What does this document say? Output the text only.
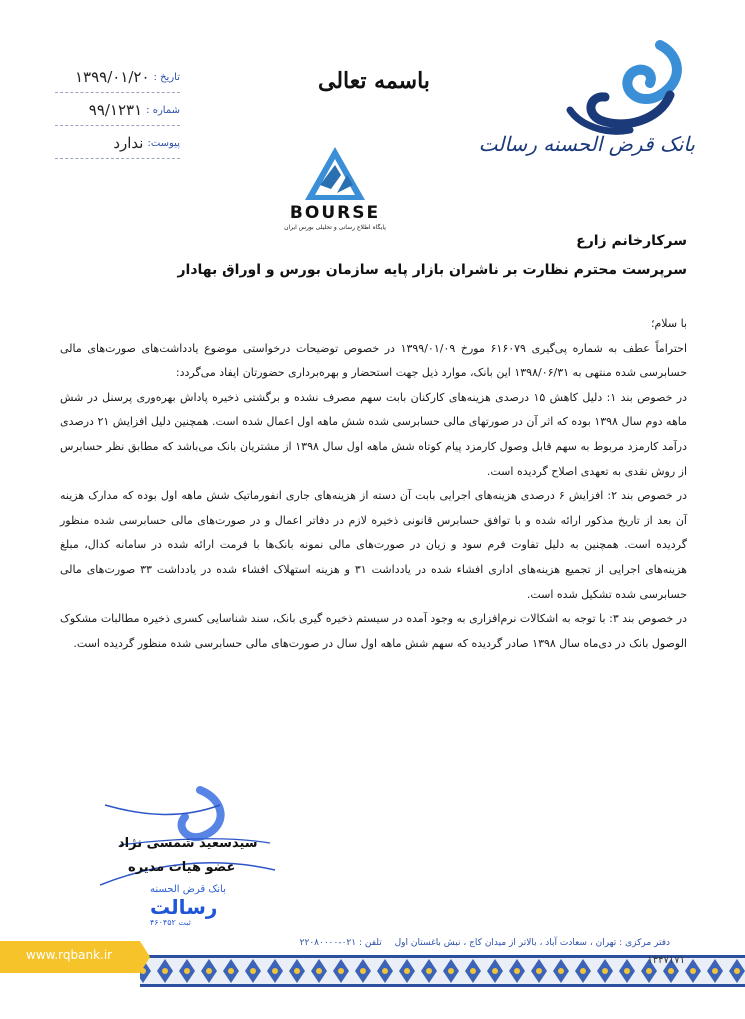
بانک قرض الحسنه رسالت
باسمه تعالی
تاریخ :
۱۳۹۹/۰۱/۲۰
شماره :
۹۹/۱۲۳۱
پیوست:
ندارد
BOURSE
پایگاه اطلاع رسانی و تحلیلی بورس ایران
سرکارخانم زارع
سرپرست محترم نظارت بر ناشران بازار پایه سازمان بورس و اوراق بهادار

با سلام؛

احتراماً عطف به شماره پی‌گیری ۶۱۶۰۷۹ مورخ ۱۳۹۹/۰۱/۰۹ در خصوص توضیحات درخواستی موضوع یادداشت‌های صورت‌های مالی حسابرسی شده منتهی به ۱۳۹۸/۰۶/۳۱ این بانک، موارد ذیل جهت استحضار و بهره‌برداری حضورتان ایفاد می‌گردد:

در خصوص بند ۱: دلیل کاهش ۱۵ درصدی هزینه‌های کارکنان بابت سهم مصرف نشده و برگشتی ذخیره پاداش بهره‌وری پرسنل در شش ماهه دوم سال ۱۳۹۸ بوده که اثر آن در صورتهای مالی حسابرسی شده شش ماهه اول اعمال شده است. همچنین دلیل افزایش ۲۱ درصدی درآمد کارمزد مربوط به سهم قابل وصول کارمزد پیام کوتاه شش ماهه اول سال ۱۳۹۸ از مشتریان بانک می‌باشد که مطابق نظر حسابرس از روش نقدی به تعهدی اصلاح گردیده است.

در خصوص بند ۲: افزایش ۶ درصدی هزینه‌های اجرایی بابت آن دسته از هزینه‌های جاری انفورماتیک شش ماهه اول بوده که مدارک هزینه آن بعد از تاریخ مذکور ارائه شده و با توافق حسابرس قانونی ذخیره لازم در دفاتر اعمال و در صورت‌های مالی حسابرسی شده منظور گردیده است. همچنین به دلیل تفاوت فرم سود و زیان در صورت‌های مالی نمونه بانک‌ها با فرمت ارائه شده در سامانه کدال، مبلغ هزینه‌های اجرایی از تجمیع هزینه‌های اداری افشاء شده در یادداشت ۳۱ و هزینه استهلاک افشاء شده در یادداشت ۳۳ صورت‌های مالی حسابرسی شده تشکیل شده است.

در خصوص بند ۳: با توجه به اشکالات نرم‌افزاری به وجود آمده در سیستم ذخیره گیری بانک، سند شناسایی کسری ذخیره مطالبات مشکوک الوصول بانک در دی‌ماه سال ۱۳۹۸ صادر گردیده که سهم شش ماهه اول سال در صورت‌های مالی حسابرسی شده منظور گردیده است.

سیدسعید شمسی نژاد
عضو هیات مدیره
بانک قرض الحسنه
رسالت
ثبت ۴۶۰۴۵۲
دفتر مرکزی : تهران ، سعادت آباد ، بالاتر از میدان کاج ، نبش باغستان اول تلفن : ۰۲۱-۲۲۰۸۰۰۰۰
۱۳۴۷۱۷۱
www.rqbank.ir
